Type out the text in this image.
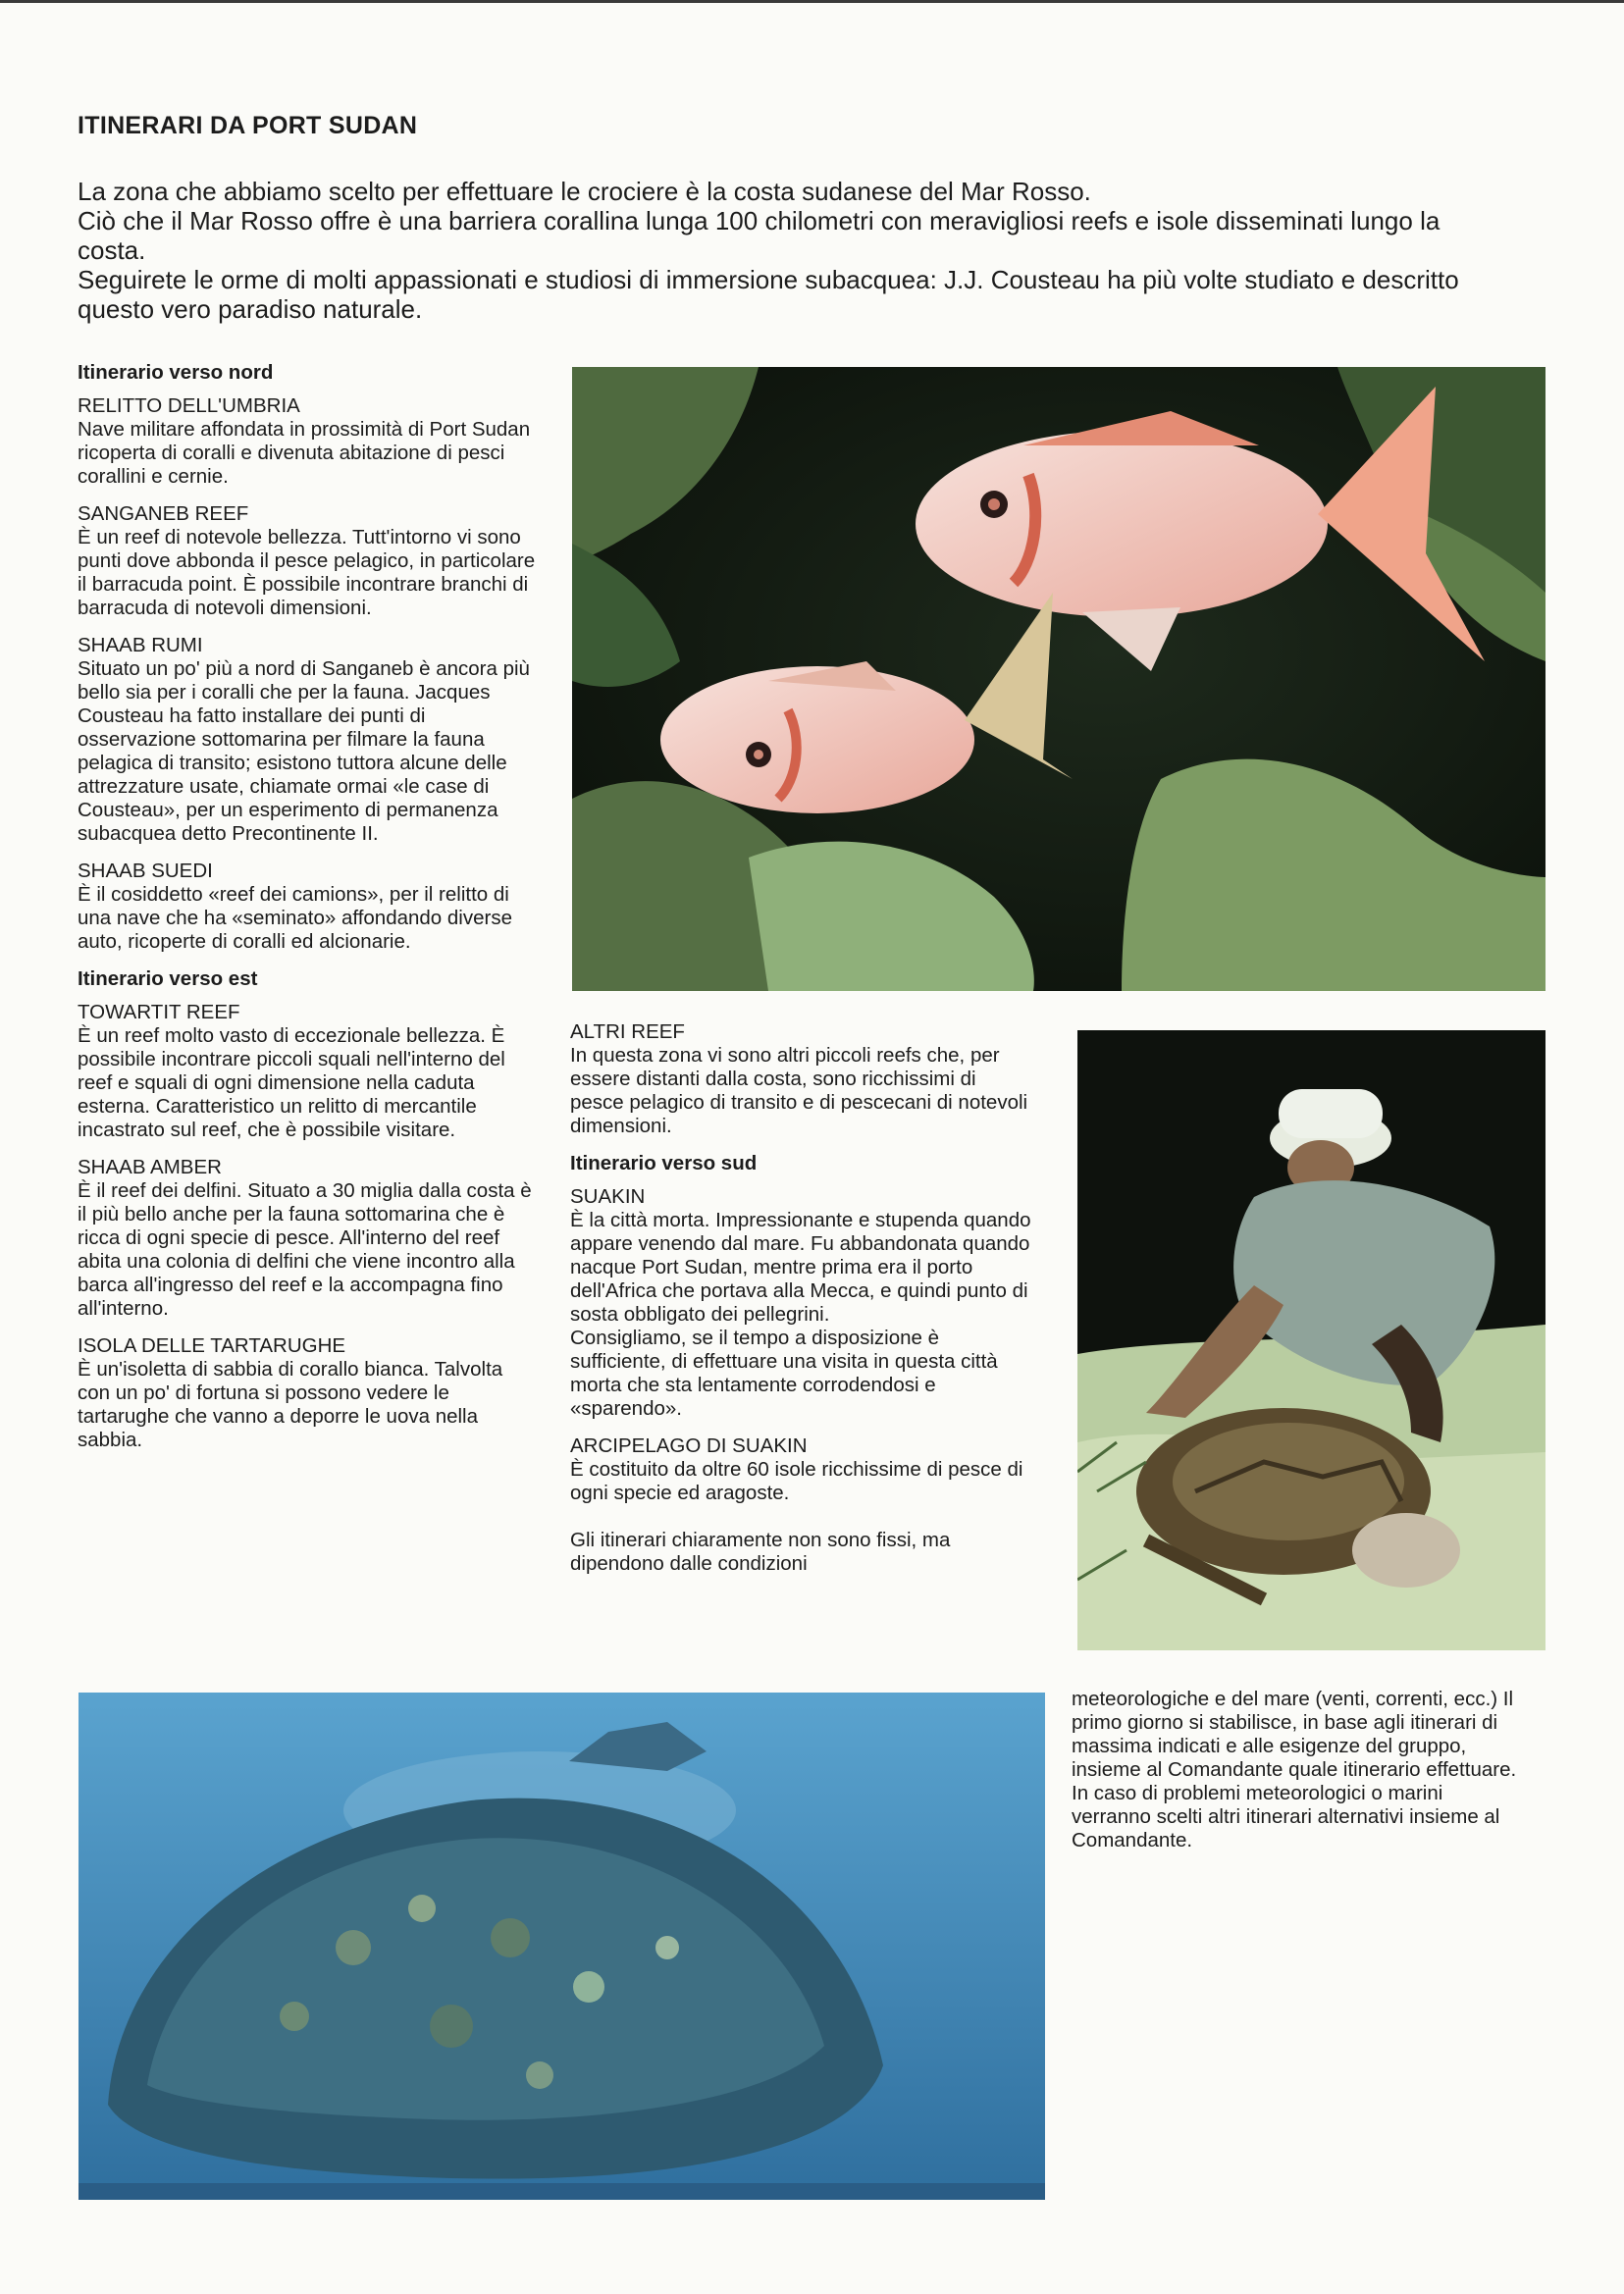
ITINERARI DA PORT SUDAN

La zona che abbiamo scelto per effettuare le crociere è la costa sudanese del Mar Rosso.

Ciò che il Mar Rosso offre è una barriera corallina lunga 100 chilometri con meravigliosi reefs e isole disseminati lungo la costa.

Seguirete le orme di molti appassionati e studiosi di immersione subacquea: J.J. Cousteau ha più volte studiato e descritto questo vero paradiso naturale.

Itinerario verso nord
RELITTO DELL'UMBRIA
Nave militare affondata in prossimità di Port Sudan ricoperta di coralli e divenuta abitazione di pesci corallini e cernie.
SANGANEB REEF
È un reef di notevole bellezza. Tutt'intorno vi sono punti dove abbonda il pesce pelagico, in particolare il barracuda point. È possibile incontrare branchi di barracuda di notevoli dimensioni.
SHAAB RUMI
Situato un po' più a nord di Sanganeb è ancora più bello sia per i coralli che per la fauna. Jacques Cousteau ha fatto installare dei punti di osservazione sottomarina per filmare la fauna pelagica di transito; esistono tuttora alcune delle attrezzature usate, chiamate ormai «le case di Cousteau», per un esperimento di permanenza subacquea detto Precontinente II.
SHAAB SUEDI
È il cosiddetto «reef dei camions», per il relitto di una nave che ha «seminato» affondando diverse auto, ricoperte di coralli ed alcionarie.
Itinerario verso est
TOWARTIT REEF
È un reef molto vasto di eccezionale bellezza. È possibile incontrare piccoli squali nell'interno del reef e squali di ogni dimensione nella caduta esterna. Caratteristico un relitto di mercantile incastrato sul reef, che è possibile visitare.
SHAAB AMBER
È il reef dei delfini. Situato a 30 miglia dalla costa è il più bello anche per la fauna sottomarina che è ricca di ogni specie di pesce. All'interno del reef abita una colonia di delfini che viene incontro alla barca all'ingresso del reef e la accompagna fino all'interno.
ISOLA DELLE TARTARUGHE
È un'isoletta di sabbia di corallo bianca. Talvolta con un po' di fortuna si possono vedere le tartarughe che vanno a deporre le uova nella sabbia.
ALTRI REEF
In questa zona vi sono altri piccoli reefs che, per essere distanti dalla costa, sono ricchissimi di pesce pelagico di transito e di pescecani di notevoli dimensioni.
Itinerario verso sud
SUAKIN
È la città morta. Impressionante e stupenda quando appare venendo dal mare. Fu abbandonata quando nacque Port Sudan, mentre prima era il porto dell'Africa che portava alla Mecca, e quindi punto di sosta obbligato dei pellegrini.
Consigliamo, se il tempo a disposizione è sufficiente, di effettuare una visita in questa città morta che sta lentamente corrodendosi e «sparendo».
ARCIPELAGO DI SUAKIN
È costituito da oltre 60 isole ricchissime di pesce di ogni specie ed aragoste.
Gli itinerari chiaramente non sono fissi, ma dipendono dalle condizioni
meteorologiche e del mare (venti, correnti, ecc.) Il primo giorno si stabilisce, in base agli itinerari di massima indicati e alle esigenze del gruppo, insieme al Comandante quale itinerario effettuare. In caso di problemi meteorologici o marini verranno scelti altri itinerari alternativi insieme al Comandante.
